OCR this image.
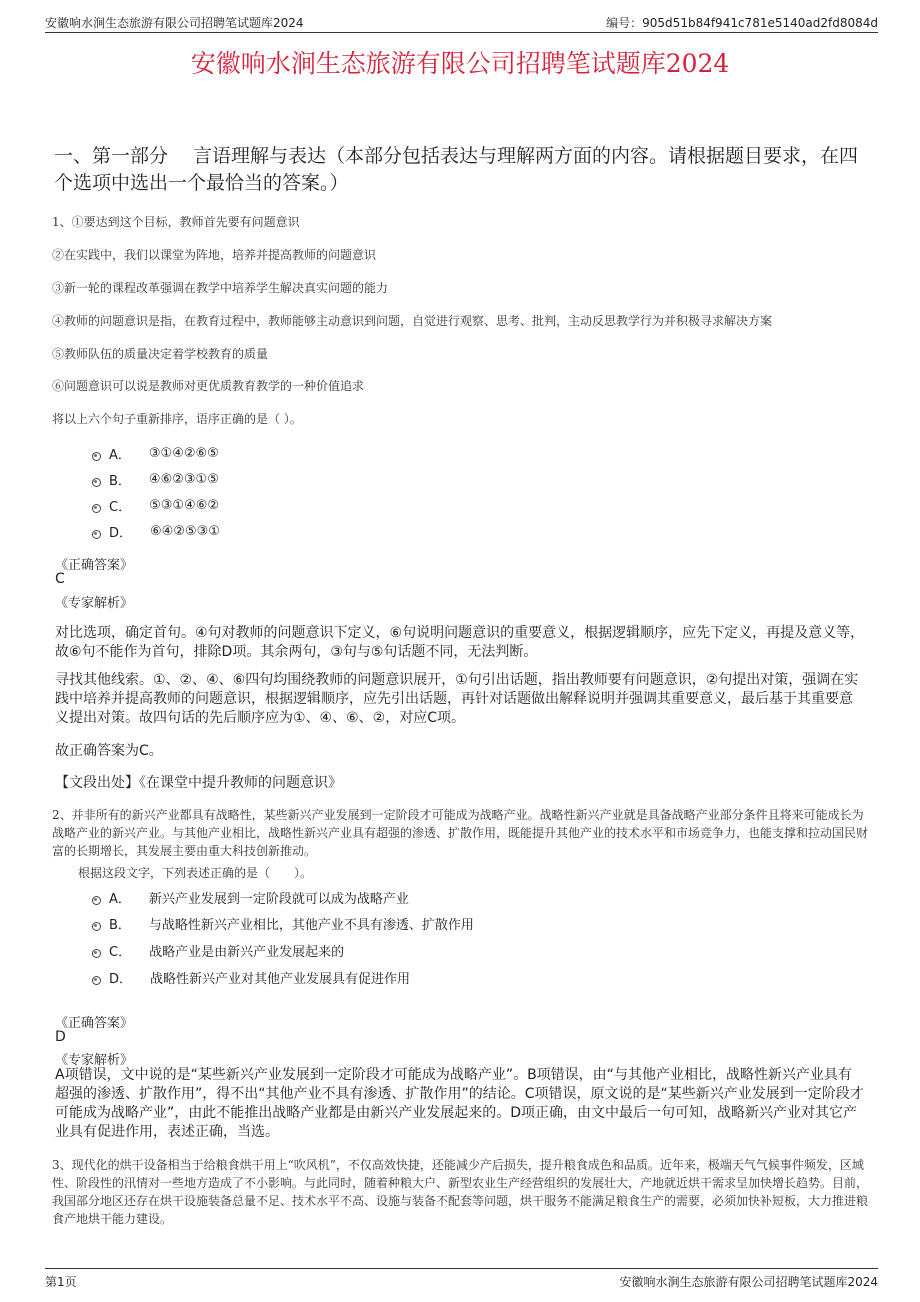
安徽响水涧生态旅游有限公司招聘笔试题库2024	编号：905d51b84f941c781e5140ad2fd8084d
安徽响水涧生态旅游有限公司招聘笔试题库2024
一、第一部分　 言语理解与表达（本部分包括表达与理解两方面的内容。请根据题目要求，在四个选项中选出一个最恰当的答案。）
1、①要达到这个目标，教师首先要有问题意识
②在实践中，我们以课堂为阵地，培养并提高教师的问题意识
③新一轮的课程改革强调在教学中培养学生解决真实问题的能力
④教师的问题意识是指，在教育过程中，教师能够主动意识到问题，自觉进行观察、思考、批判，主动反思教学行为并积极寻求解决方案
⑤教师队伍的质量决定着学校教育的质量
⑥问题意识可以说是教师对更优质教育教学的一种价值追求
将以上六个句子重新排序，语序正确的是（ ）。
A． ③①④②⑥⑤
B． ④⑥②③①⑤
C． ⑤③①④⑥②
D． ⑥④②⑤③①
《正确答案》
C
《专家解析》
对比选项，确定首句。④句对教师的问题意识下定义，⑥句说明问题意识的重要意义，根据逻辑顺序，应先下定义，再提及意义等，故⑥句不能作为首句，排除D项。其余两句，③句与⑤句话题不同，无法判断。
寻找其他线索。①、②、④、⑥四句均围绕教师的问题意识展开，①句引出话题，指出教师要有问题意识，②句提出对策，强调在实践中培养并提高教师的问题意识，根据逻辑顺序，应先引出话题，再针对话题做出解释说明并强调其重要意义，最后基于其重要意义提出对策。故四句话的先后顺序应为①、④、⑥、②，对应C项。
故正确答案为C。
【文段出处】《在课堂中提升教师的问题意识》
2、并非所有的新兴产业都具有战略性，某些新兴产业发展到一定阶段才可能成为战略产业。战略性新兴产业就是具备战略产业部分条件且将来可能成长为战略产业的新兴产业。与其他产业相比，战略性新兴产业具有超强的渗透、扩散作用，既能提升其他产业的技术水平和市场竞争力，也能支撑和拉动国民财富的长期增长，其发展主要由重大科技创新推动。
根据这段文字，下列表述正确的是（　　）。
A． 新兴产业发展到一定阶段就可以成为战略产业
B． 与战略性新兴产业相比，其他产业不具有渗透、扩散作用
C． 战略产业是由新兴产业发展起来的
D． 战略性新兴产业对其他产业发展具有促进作用
《正确答案》
D
《专家解析》
A项错误，文中说的是“某些新兴产业发展到一定阶段才可能成为战略产业”。B项错误，由“与其他产业相比，战略性新兴产业具有超强的渗透、扩散作用”，得不出“其他产业不具有渗透、扩散作用”的结论。C项错误，原文说的是“某些新兴产业发展到一定阶段才可能成为战略产业”，由此不能推出战略产业都是由新兴产业发展起来的。D项正确，由文中最后一句可知，战略新兴产业对其它产业具有促进作用，表述正确，当选。
3、现代化的烘干设备相当于给粮食烘干用上“吹风机”，不仅高效快捷，还能减少产后损失，提升粮食成色和品质。近年来，极端天气气候事件频发，区域性、阶段性的汛情对一些地方造成了不小影响。与此同时，随着种粮大户、新型农业生产经营组织的发展壮大，产地就近烘干需求呈加快增长趋势。目前，我国部分地区还存在烘干设施装备总量不足、技术水平不高、设施与装备不配套等问题，烘干服务不能满足粮食生产的需要，必须加快补短板，大力推进粮食产地烘干能力建设。
第1页	安徽响水涧生态旅游有限公司招聘笔试题库2024
